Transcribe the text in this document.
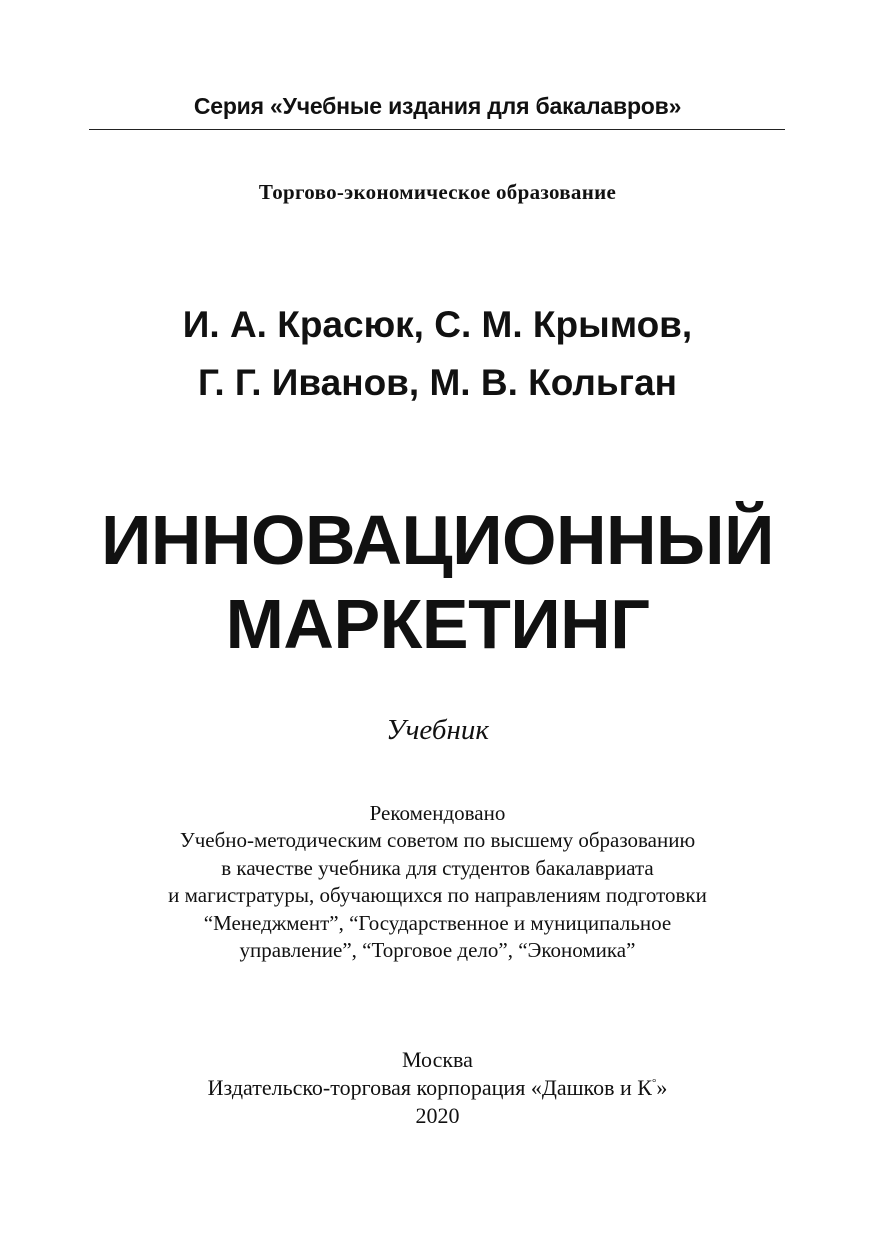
Серия «Учебные издания для бакалавров»
Торгово-экономическое образование
И. А. Красюк, С. М. Крымов,
Г. Г. Иванов, М. В. Кольган
ИННОВАЦИОННЫЙ
МАРКЕТИНГ
Учебник
Рекомендовано
Учебно-методическим советом по высшему образованию
в качестве учебника для студентов бакалавриата
и магистратуры, обучающихся по направлениям подготовки
“Менеджмент”, “Государственное и муниципальное
управление”, “Торговое дело”, “Экономика”
Москва
Издательско-торговая корпорация «Дашков и К°»
2020
